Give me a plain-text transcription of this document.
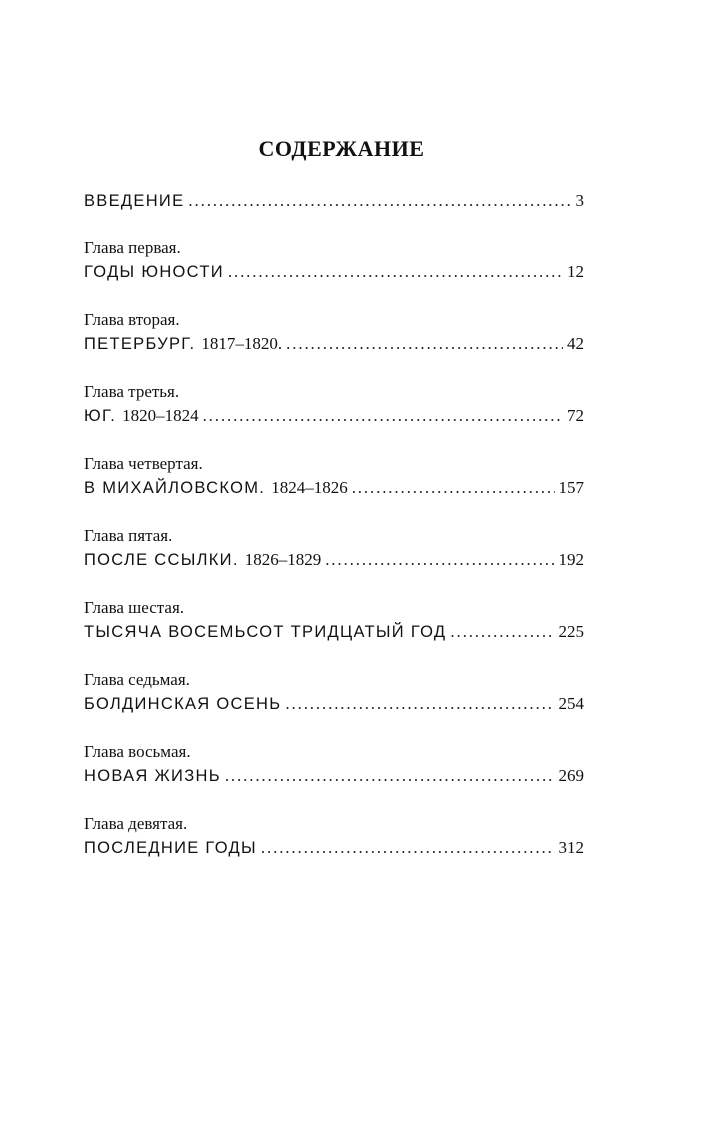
СОДЕРЖАНИЕ
ВВЕДЕНИЕ . . .	3
Глава первая.
ГОДЫ ЮНОСТИ . . .	12
Глава вторая.
ПЕТЕРБУРГ. 1817–1820. . . .	42
Глава третья.
ЮГ. 1820–1824 . . .	72
Глава четвертая.
В МИХАЙЛОВСКОМ. 1824–1826 . . .	157
Глава пятая.
ПОСЛЕ ССЫЛКИ. 1826–1829 . . .	192
Глава шестая.
ТЫСЯЧА ВОСЕМЬСОТ ТРИДЦАТЫЙ ГОД . . .	225
Глава седьмая.
БОЛДИНСКАЯ ОСЕНЬ . . .	254
Глава восьмая.
НОВАЯ ЖИЗНЬ . . .	269
Глава девятая.
ПОСЛЕДНИЕ ГОДЫ . . .	312
